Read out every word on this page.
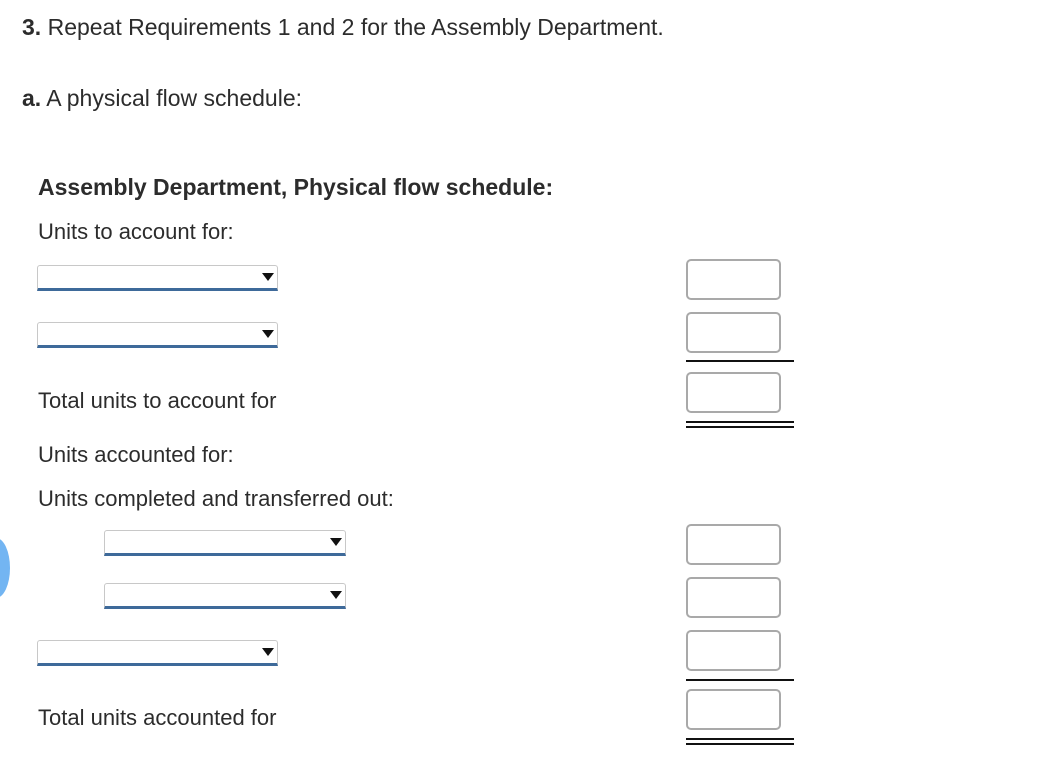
3. Repeat Requirements 1 and 2 for the Assembly Department.
a. A physical flow schedule:
Assembly Department, Physical flow schedule:
Units to account for:
Total units to account for
Units accounted for:
Units completed and transferred out:
Total units accounted for
